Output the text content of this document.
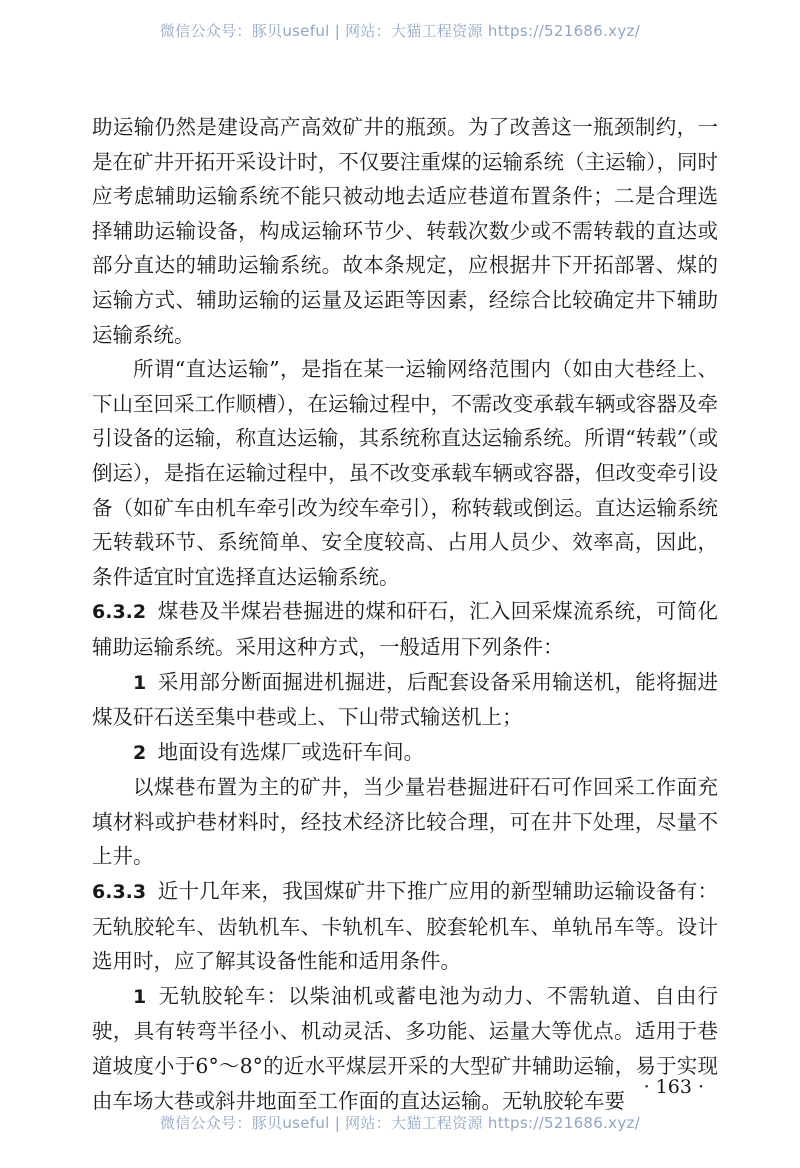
微信公众号：豚贝useful | 网站：大猫工程资源 https://521686.xyz/

助运输仍然是建设高产高效矿井的瓶颈。为了改善这一瓶颈制约，一是在矿井开拓开采设计时，不仅要注重煤的运输系统（主运输），同时应考虑辅助运输系统不能只被动地去适应巷道布置条件；二是合理选择辅助运输设备，构成运输环节少、转载次数少或不需转载的直达或部分直达的辅助运输系统。故本条规定，应根据井下开拓部署、煤的运输方式、辅助运输的运量及运距等因素，经综合比较确定井下辅助运输系统。

所谓“直达运输”，是指在某一运输网络范围内（如由大巷经上、下山至回采工作顺槽），在运输过程中，不需改变承载车辆或容器及牵引设备的运输，称直达运输，其系统称直达运输系统。所谓“转载”（或倒运），是指在运输过程中，虽不改变承载车辆或容器，但改变牵引设备（如矿车由机车牵引改为绞车牵引），称转载或倒运。直达运输系统无转载环节、系统简单、安全度较高、占用人员少、效率高，因此，条件适宜时宜选择直达运输系统。

6.3.2 煤巷及半煤岩巷掘进的煤和矸石，汇入回采煤流系统，可简化辅助运输系统。采用这种方式，一般适用下列条件：

1 采用部分断面掘进机掘进，后配套设备采用输送机，能将掘进煤及矸石送至集中巷或上、下山带式输送机上；

2 地面设有选煤厂或选矸车间。

以煤巷布置为主的矿井，当少量岩巷掘进矸石可作回采工作面充填材料或护巷材料时，经技术经济比较合理，可在井下处理，尽量不上井。

6.3.3 近十几年来，我国煤矿井下推广应用的新型辅助运输设备有：无轨胶轮车、齿轨机车、卡轨机车、胶套轮机车、单轨吊车等。设计选用时，应了解其设备性能和适用条件。

1 无轨胶轮车：以柴油机或蓄电池为动力、不需轨道、自由行驶，具有转弯半径小、机动灵活、多功能、运量大等优点。适用于巷道坡度小于6°～8°的近水平煤层开采的大型矿井辅助运输，易于实现由车场大巷或斜井地面至工作面的直达运输。无轨胶轮车要

· 163 ·
微信公众号：豚贝useful | 网站：大猫工程资源 https://521686.xyz/
